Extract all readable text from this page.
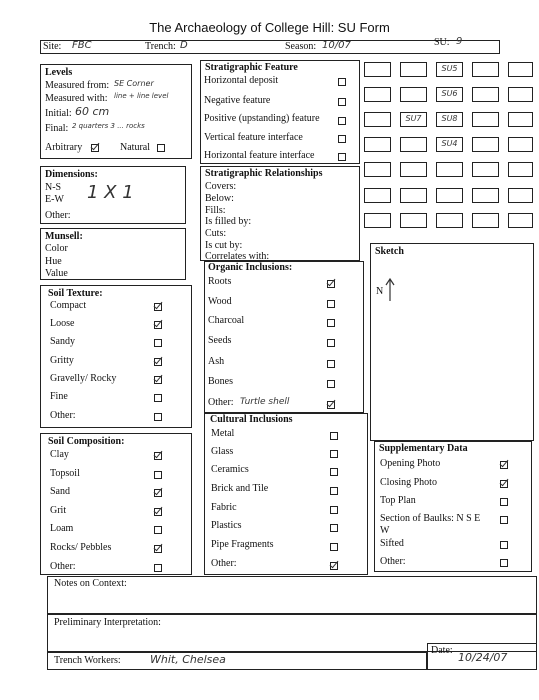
The Archaeology of College Hill: SU Form
Site: FBC	Trench: D	Season: 10/07	SU: 9
Levels
Measured from: SE Corner
Measured with: line + line level
Initial: 60 cm
Final: 2 quarters 3 ... rocks
Arbitrary	Natural
Dimensions:
N-S
E-W 1 X 1
Other:
Munsell:
Color
Hue
Value
Soil Texture:
Compact
Loose
Sandy
Gritty
Gravelly/ Rocky
Fine
Other:
Soil Composition:
Clay
Topsoil
Sand
Grit
Loam
Rocks/ Pebbles
Other:
Stratigraphic Feature
Horizontal deposit
Negative feature
Positive (upstanding) feature
Vertical feature interface
Horizontal feature interface
Stratigraphic Relationships
Covers:
Below:
Fills:
Is filled by:
Cuts:
Is cut by:
Correlates with:
Organic Inclusions:
Roots
Wood
Charcoal
Seeds
Ash
Bones
Other: Turtle shell
Cultural Inclusions
Metal
Glass
Ceramics
Brick and Tile
Fabric
Plastics
Pipe Fragments
Other:
SU5
SU6
SU7	SU8
SU4
Sketch
N
Supplementary Data
Opening Photo
Closing Photo
Top Plan
Section of Baulks: N S E W
Sifted
Other:
Notes on Context:
Preliminary Interpretation:
Trench Workers:	Whit, Chelsea
Date:
10/24/07
